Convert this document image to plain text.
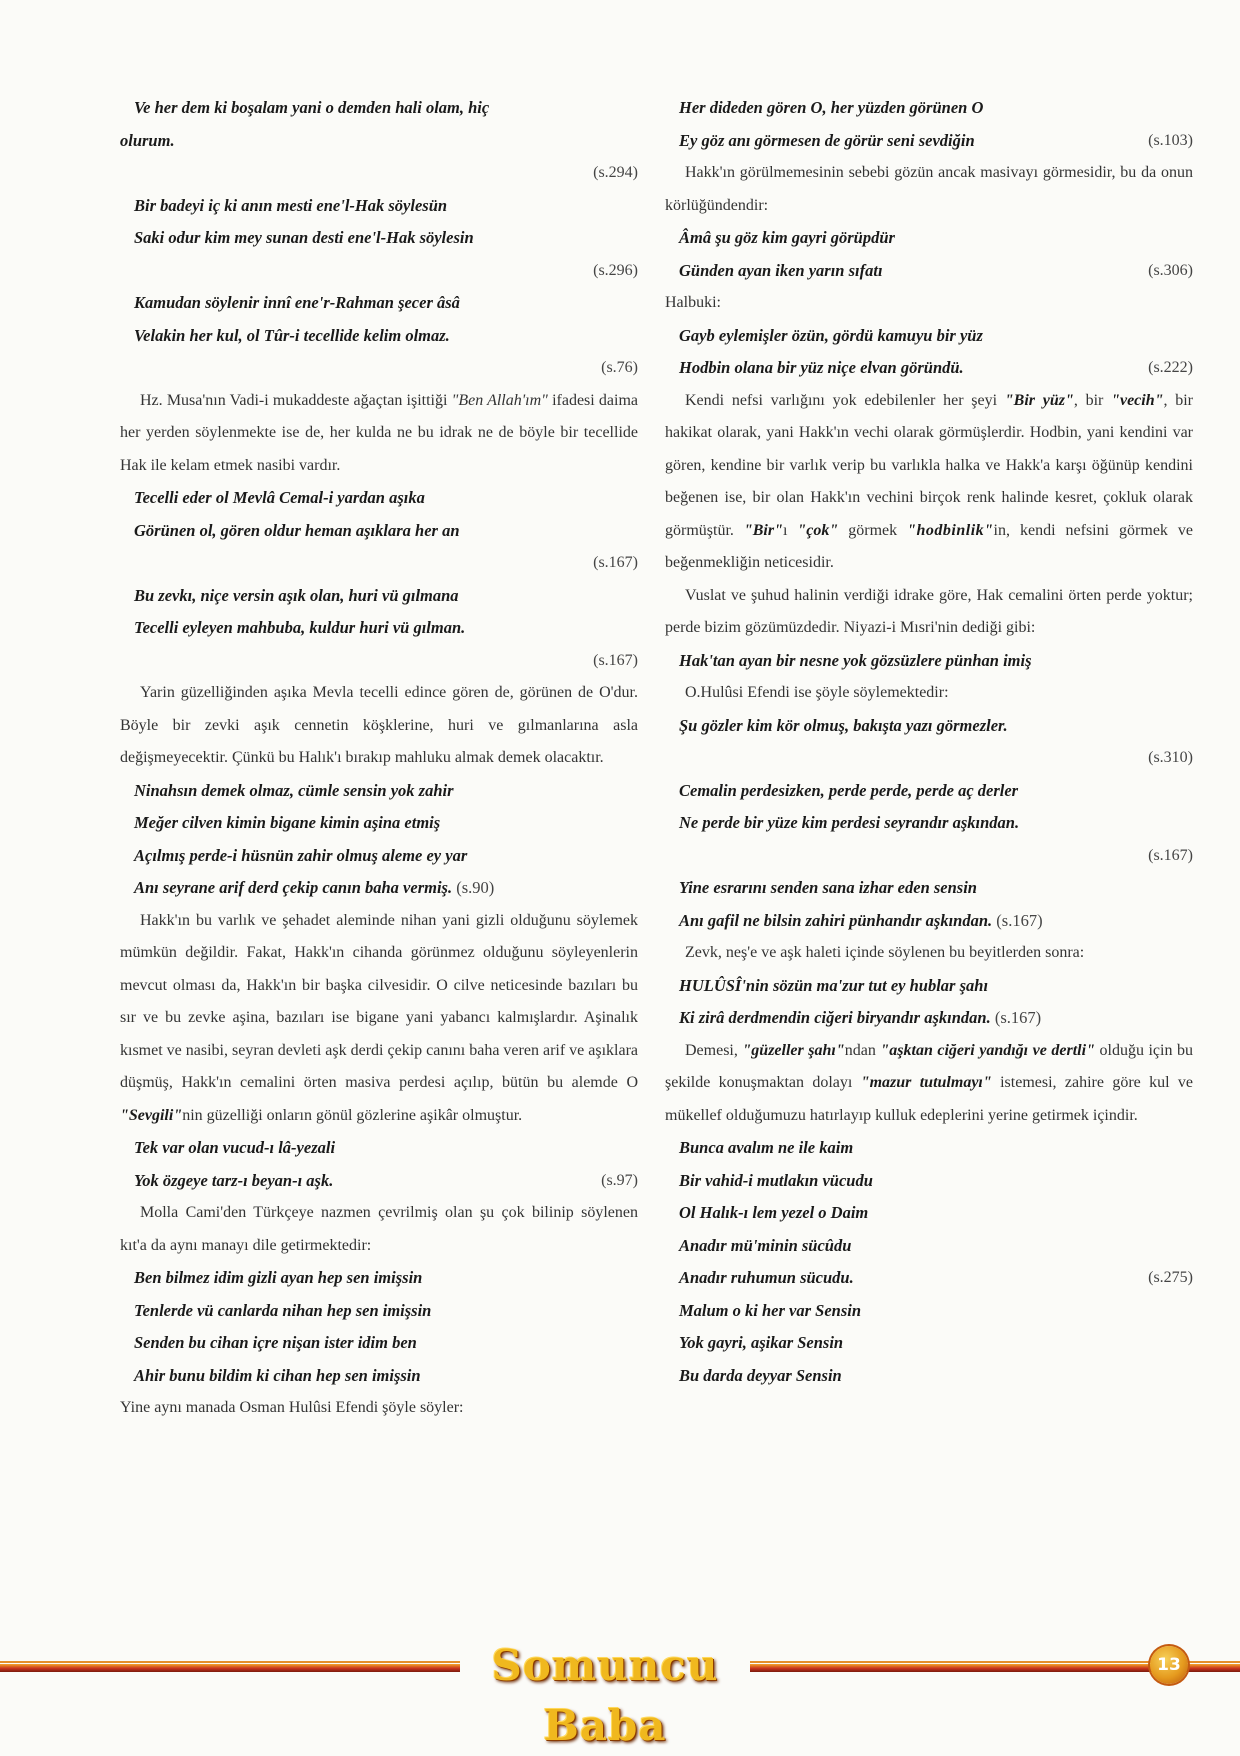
Ve her dem ki boşalam yani o demden hali olam, hiç
olurum.
(s.294)
Bir badeyi iç ki anın mesti ene'l-Hak söylesün
Saki odur kim mey sunan desti ene'l-Hak söylesin
(s.296)
Kamudan söylenir innî ene'r-Rahman şecer âsâ
Velakin her kul, ol Tûr-i tecellide kelim olmaz.
(s.76)
Hz. Musa'nın Vadi-i mukaddeste ağaçtan işittiği "Ben Allah'ım" ifadesi daima her yerden söylenmekte ise de, her kulda ne bu idrak ne de böyle bir tecellide Hak ile kelam etmek nasibi vardır.
Tecelli eder ol Mevlâ Cemal-i yardan aşıka
Görünen ol, gören oldur heman aşıklara her an
(s.167)
Bu zevkı, niçe versin aşık olan, huri vü gılmana
Tecelli eyleyen mahbuba, kuldur huri vü gılman.
(s.167)
Yarin güzelliğinden aşıka Mevla tecelli edince gören de, görünen de O'dur. Böyle bir zevki aşık cennetin köşklerine, huri ve gılmanlarına asla değişmeyecektir. Çünkü bu Halık'ı bırakıp mahluku almak demek olacaktır.
Ninahsın demek olmaz, cümle sensin yok zahir
Meğer cilven kimin bigane kimin aşina etmiş
Açılmış perde-i hüsnün zahir olmuş aleme ey yar
Anı seyrane arif derd çekip canın baha vermiş. (s.90)
Hakk'ın bu varlık ve şehadet aleminde nihan yani gizli olduğunu söylemek mümkün değildir. Fakat, Hakk'ın cihanda görünmez olduğunu söyleyenlerin mevcut olması da, Hakk'ın bir başka cilvesidir. O cilve neticesinde bazıları bu sır ve bu zevke aşina, bazıları ise bigane yani yabancı kalmışlardır. Aşinalık kısmet ve nasibi, seyran devleti aşk derdi çekip canını baha veren arif ve aşıklara düşmüş, Hakk'ın cemalini örten masiva perdesi açılıp, bütün bu alemde O "Sevgili"nin güzelliği onların gönül gözlerine aşikâr olmuştur.
Tek var olan vucud-ı lâ-yezali
Yok özgeye tarz-ı beyan-ı aşk.	(s.97)
Molla Cami'den Türkçeye nazmen çevrilmiş olan şu çok bilinip söylenen kıt'a da aynı manayı dile getirmektedir:
Ben bilmez idim gizli ayan hep sen imişsin
Tenlerde vü canlarda nihan hep sen imişsin
Senden bu cihan içre nişan ister idim ben
Ahir bunu bildim ki cihan hep sen imişsin
Yine aynı manada Osman Hulûsi Efendi şöyle söyler:
Her dideden gören O, her yüzden görünen O
Ey göz anı görmesen de görür seni sevdiğin	(s.103)
Hakk'ın görülmemesinin sebebi gözün ancak masivayı görmesidir, bu da onun körlüğündendir:
Âmâ şu göz kim gayri görüpdür
Günden ayan iken yarın sıfatı	(s.306)
Halbuki:
Gayb eylemişler özün, gördü kamuyu bir yüz
Hodbin olana bir yüz niçe elvan göründü.	(s.222)
Kendi nefsi varlığını yok edebilenler her şeyi "Bir yüz", bir "vecih", bir hakikat olarak, yani Hakk'ın vechi olarak görmüşlerdir. Hodbin, yani kendini var gören, kendine bir varlık verip bu varlıkla halka ve Hakk'a karşı öğünüp kendini beğenen ise, bir olan Hakk'ın vechini birçok renk halinde kesret, çokluk olarak görmüştür. "Bir"ı "çok" görmek "hodbinlik"in, kendi nefsini görmek ve beğenmekliğin neticesidir.
Vuslat ve şuhud halinin verdiği idrake göre, Hak cemalini örten perde yoktur; perde bizim gözümüzdedir. Niyazi-i Mısri'nin dediği gibi:
Hak'tan ayan bir nesne yok gözsüzlere pünhan imiş
O.Hulûsi Efendi ise şöyle söylemektedir:
Şu gözler kim kör olmuş, bakışta yazı görmezler.
(s.310)
Cemalin perdesizken, perde perde, perde aç derler
Ne perde bir yüze kim perdesi seyrandır aşkından.
(s.167)
Yine esrarını senden sana izhar eden sensin
Anı gafil ne bilsin zahiri pünhandır aşkından. (s.167)
Zevk, neş'e ve aşk haleti içinde söylenen bu beyitlerden sonra:
HULÛSÎ'nin sözün ma'zur tut ey hublar şahı
Ki zirâ derdmendin ciğeri biryandır aşkından. (s.167)
Demesi, "güzeller şahı"ndan "aşktan ciğeri yandığı ve dertli" olduğu için bu şekilde konuşmaktan dolayı "mazur tutulmayı" istemesi, zahire göre kul ve mükellef olduğumuzu hatırlayıp kulluk edeplerini yerine getirmek içindir.
Bunca avalım ne ile kaim
Bir vahid-i mutlakın vücudu
Ol Halık-ı lem yezel o Daim
Anadır mü'minin sücûdu
Anadır ruhumun sücudu.	(s.275)
Malum o ki her var Sensin
Yok gayri, aşikar Sensin
Bu darda deyyar Sensin
Somuncu Baba
13
